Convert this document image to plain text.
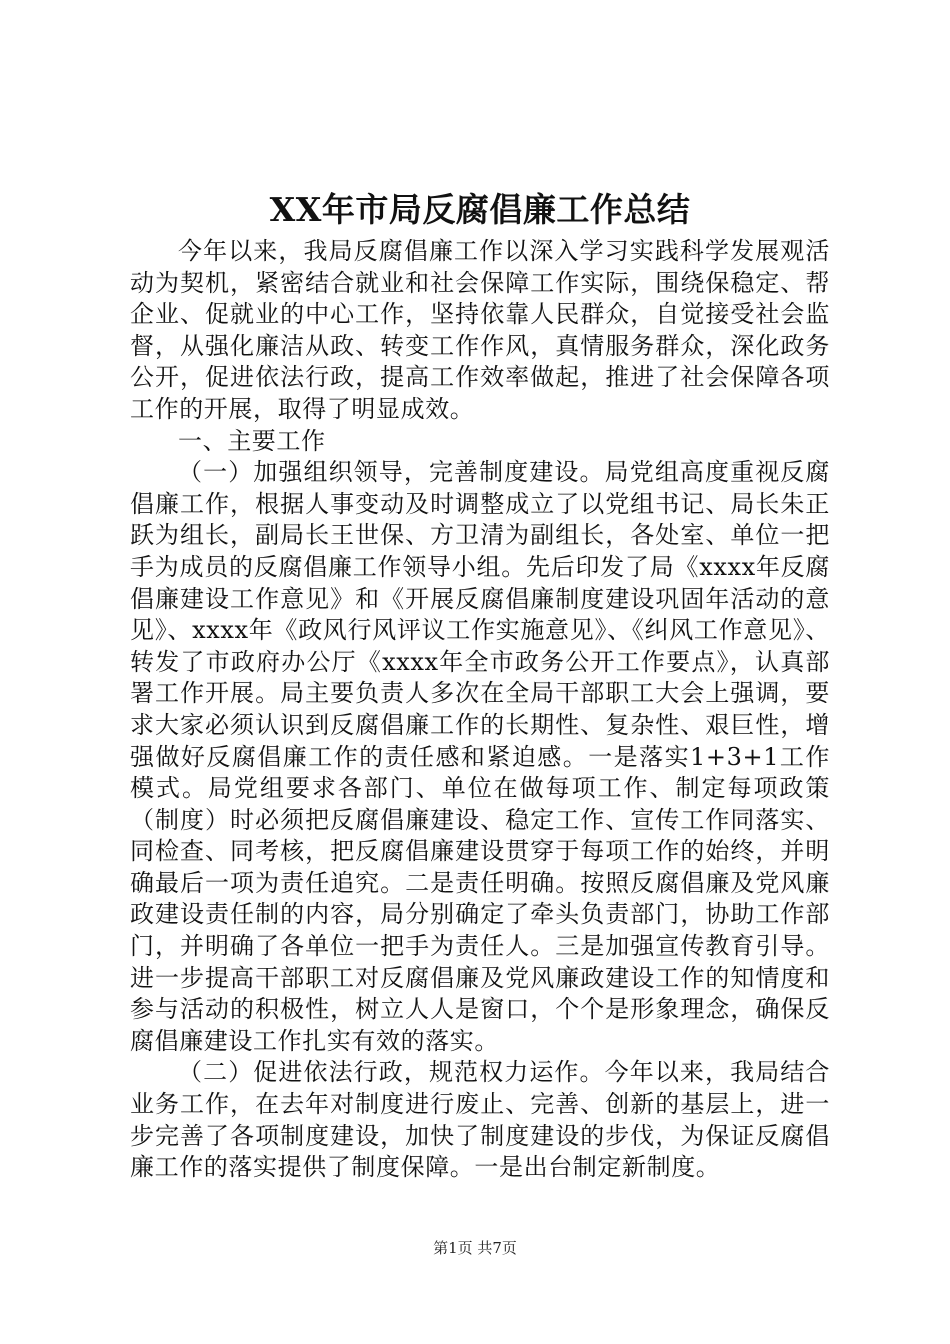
XX年市局反腐倡廉工作总结

今年以来，我局反腐倡廉工作以深入学习实践科学发展观活动为契机，紧密结合就业和社会保障工作实际，围绕保稳定、帮企业、促就业的中心工作，坚持依靠人民群众，自觉接受社会监督，从强化廉洁从政、转变工作作风，真情服务群众，深化政务公开，促进依法行政，提高工作效率做起，推进了社会保障各项工作的开展，取得了明显成效。

一、主要工作

（一）加强组织领导，完善制度建设。局党组高度重视反腐倡廉工作，根据人事变动及时调整成立了以党组书记、局长朱正跃为组长，副局长王世保、方卫清为副组长，各处室、单位一把手为成员的反腐倡廉工作领导小组。先后印发了局《xxxx年反腐倡廉建设工作意见》和《开展反腐倡廉制度建设巩固年活动的意见》、xxxx年《政风行风评议工作实施意见》、《纠风工作意见》、转发了市政府办公厅《xxxx年全市政务公开工作要点》，认真部署工作开展。局主要负责人多次在全局干部职工大会上强调，要求大家必须认识到反腐倡廉工作的长期性、复杂性、艰巨性，增强做好反腐倡廉工作的责任感和紧迫感。一是落实1+3+1工作模式。局党组要求各部门、单位在做每项工作、制定每项政策（制度）时必须把反腐倡廉建设、稳定工作、宣传工作同落实、同检查、同考核，把反腐倡廉建设贯穿于每项工作的始终，并明确最后一项为责任追究。二是责任明确。按照反腐倡廉及党风廉政建设责任制的内容，局分别确定了牵头负责部门，协助工作部门，并明确了各单位一把手为责任人。三是加强宣传教育引导。进一步提高干部职工对反腐倡廉及党风廉政建设工作的知情度和参与活动的积极性，树立人人是窗口，个个是形象理念，确保反腐倡廉建设工作扎实有效的落实。

（二）促进依法行政，规范权力运作。今年以来，我局结合业务工作，在去年对制度进行废止、完善、创新的基层上，进一步完善了各项制度建设，加快了制度建设的步伐，为保证反腐倡廉工作的落实提供了制度保障。一是出台制定新制度。

第1页 共7页
